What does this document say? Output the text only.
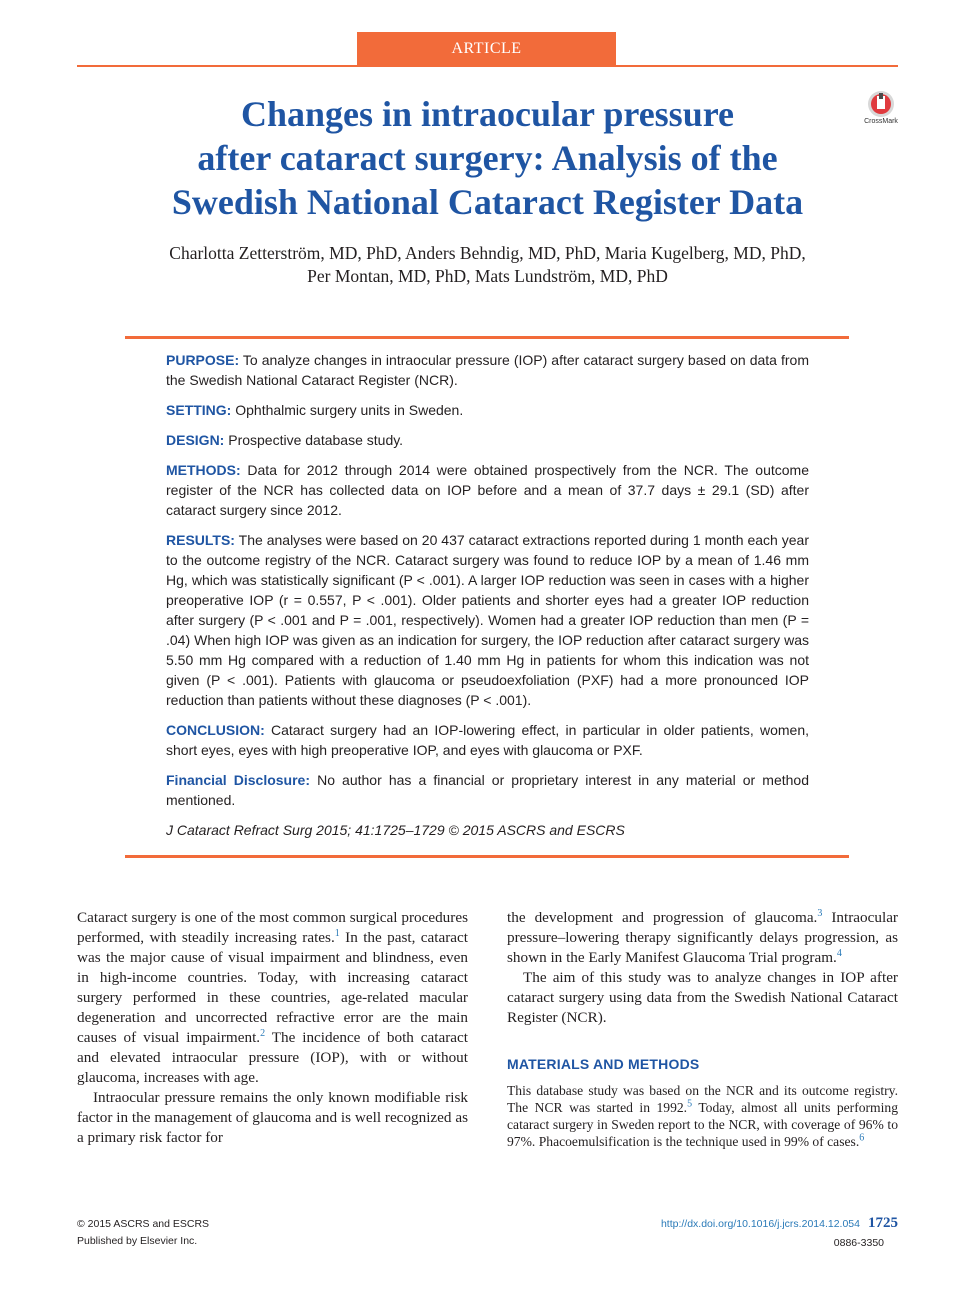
ARTICLE
Changes in intraocular pressure
after cataract surgery: Analysis of the
Swedish National Cataract Register Data
CrossMark
Charlotta Zetterström, MD, PhD, Anders Behndig, MD, PhD, Maria Kugelberg, MD, PhD,
Per Montan, MD, PhD, Mats Lundström, MD, PhD

PURPOSE: To analyze changes in intraocular pressure (IOP) after cataract surgery based on data from the Swedish National Cataract Register (NCR).

SETTING: Ophthalmic surgery units in Sweden.

DESIGN: Prospective database study.

METHODS: Data for 2012 through 2014 were obtained prospectively from the NCR. The outcome register of the NCR has collected data on IOP before and a mean of 37.7 days ± 29.1 (SD) after cataract surgery since 2012.

RESULTS: The analyses were based on 20 437 cataract extractions reported during 1 month each year to the outcome registry of the NCR. Cataract surgery was found to reduce IOP by a mean of 1.46 mm Hg, which was statistically significant (P < .001). A larger IOP reduction was seen in cases with a higher preoperative IOP (r = 0.557, P < .001). Older patients and shorter eyes had a greater IOP reduction after surgery (P < .001 and P = .001, respectively). Women had a greater IOP reduction than men (P = .04) When high IOP was given as an indication for surgery, the IOP reduction after cataract surgery was 5.50 mm Hg compared with a reduction of 1.40 mm Hg in patients for whom this indication was not given (P < .001). Patients with glaucoma or pseudoexfoliation (PXF) had a more pronounced IOP reduction than patients without these diagnoses (P < .001).

CONCLUSION: Cataract surgery had an IOP-lowering effect, in particular in older patients, women, short eyes, eyes with high preoperative IOP, and eyes with glaucoma or PXF.

Financial Disclosure: No author has a financial or proprietary interest in any material or method mentioned.

J Cataract Refract Surg 2015; 41:1725–1729 © 2015 ASCRS and ESCRS

Cataract surgery is one of the most common surgical procedures performed, with steadily increasing rates.$^1$ In the past, cataract was the major cause of visual impairment and blindness, even in high-income countries. Today, with increasing cataract surgery performed in these countries, age-related macular degeneration and uncorrected refractive error are the main causes of visual impairment.$^2$ The incidence of both cataract and elevated intraocular pressure (IOP), with or without glaucoma, increases with age.

Intraocular pressure remains the only known modifiable risk factor in the management of glaucoma and is well recognized as a primary risk factor for

the development and progression of glaucoma.$^3$ Intraocular pressure–lowering therapy significantly delays progression, as shown in the Early Manifest Glaucoma Trial program.$^4$

The aim of this study was to analyze changes in IOP after cataract surgery using data from the Swedish National Cataract Register (NCR).

MATERIALS AND METHODS

This database study was based on the NCR and its outcome registry. The NCR was started in 1992.$^5$ Today, almost all units performing cataract surgery in Sweden report to the NCR, with coverage of 96% to 97%. Phacoemulsification is the technique used in 99% of cases.$^6$

© 2015 ASCRS and ESCRS
Published by Elsevier Inc.
http://dx.doi.org/10.1016/j.jcrs.2014.12.054 1725
0886-3350
